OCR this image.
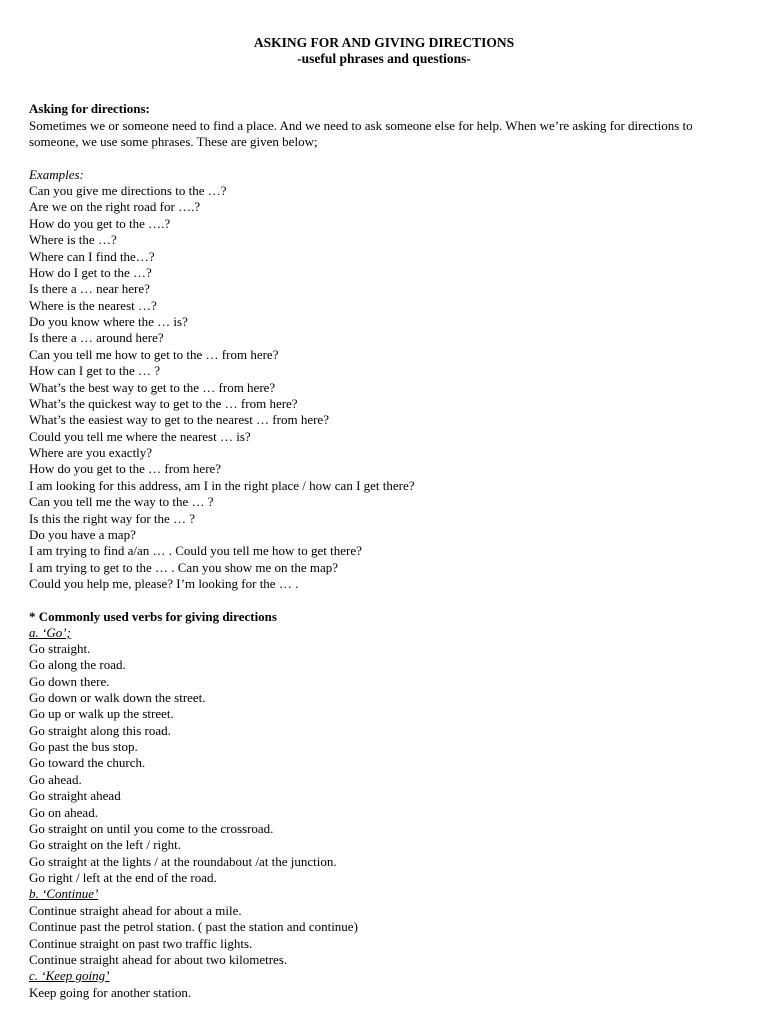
ASKING FOR AND GIVING DIRECTIONS
-useful phrases and questions-
Asking for directions:
Sometimes we or someone need to find a place. And we need to ask someone else for help. When we’re asking for directions to
someone, we use some phrases. These are given below;
Examples:
Can you give me directions to the …?
Are we on the right road for ….?
How do you get to the ….?
Where is the …?
Where can I find the…?
How do I get to the …?
Is there a … near here?
Where is the nearest …?
Do you know where the … is?
Is there a … around here?
Can you tell me how to get to the … from here?
How can I get to the … ?
What’s the best way to get to the … from here?
What’s the quickest way to get to the … from here?
What’s the easiest way to get to the nearest … from here?
Could you tell me where the nearest … is?
Where are you exactly?
How do you get to the … from here?
I am looking for this address, am I in the right place / how can I get there?
Can you tell me the way to the … ?
Is this the right way for the … ?
Do you have a map?
I am trying to find a/an … . Could you tell me how to get there?
I am trying to get to the … . Can you show me on the map?
Could you help me, please? I’m looking for the … .
* Commonly used verbs for giving directions
a. ‘Go’;
Go straight.
Go along the road.
Go down there.
Go down or walk down the street.
Go up or walk up the street.
Go straight along this road.
Go past the bus stop.
Go toward the church.
Go ahead.
Go straight ahead
Go on ahead.
Go straight on until you come to the crossroad.
Go straight on the left / right.
Go straight at the lights / at the roundabout /at the junction.
Go right / left at the end of the road.
b. ‘Continue’
Continue straight ahead for about a mile.
Continue past the petrol station. ( past the station and continue)
Continue straight on past two traffic lights.
Continue straight ahead for about two kilometres.
c. ‘Keep going’
Keep going for another station.
